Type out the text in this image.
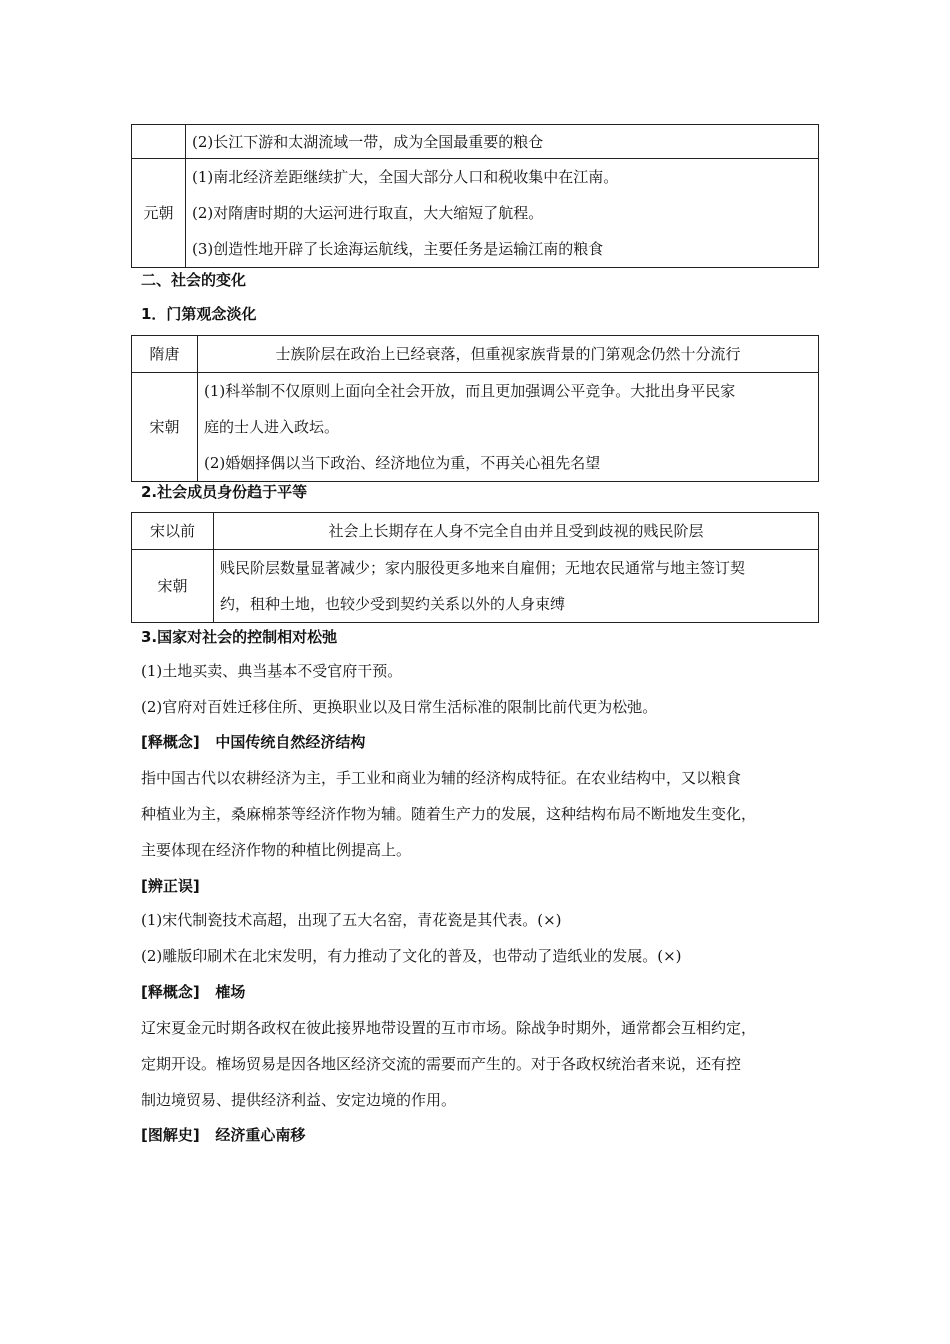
	(2)长江下游和太湖流域一带，成为全国最重要的粮仓

元朝	(1)南北经济差距继续扩大，全国大部分人口和税收集中在江南。
(2)对隋唐时期的大运河进行取直，大大缩短了航程。
(3)创造性地开辟了长途海运航线，主要任务是运输江南的粮食
二、社会的变化
1．门第观念淡化
隋唐	士族阶层在政治上已经衰落，但重视家族背景的门第观念仍然十分流行

宋朝	(1)科举制不仅原则上面向全社会开放，而且更加强调公平竞争。大批出身平民家
庭的士人进入政坛。
(2)婚姻择偶以当下政治、经济地位为重，不再关心祖先名望
2.社会成员身份趋于平等
宋以前	社会上长期存在人身不完全自由并且受到歧视的贱民阶层

宋朝	贱民阶层数量显著减少；家内服役更多地来自雇佣；无地农民通常与地主签订契
约，租种土地，也较少受到契约关系以外的人身束缚
3.国家对社会的控制相对松弛
(1)土地买卖、典当基本不受官府干预。
(2)官府对百姓迁移住所、更换职业以及日常生活标准的限制比前代更为松弛。
[释概念] 中国传统自然经济结构
指中国古代以农耕经济为主，手工业和商业为辅的经济构成特征。在农业结构中，又以粮食
种植业为主，桑麻棉茶等经济作物为辅。随着生产力的发展，这种结构布局不断地发生变化，
主要体现在经济作物的种植比例提高上。
[辨正误]
(1)宋代制瓷技术高超，出现了五大名窑，青花瓷是其代表。(×)
(2)雕版印刷术在北宋发明，有力推动了文化的普及，也带动了造纸业的发展。(×)
[释概念] 榷场
辽宋夏金元时期各政权在彼此接界地带设置的互市市场。除战争时期外，通常都会互相约定，
定期开设。榷场贸易是因各地区经济交流的需要而产生的。对于各政权统治者来说，还有控
制边境贸易、提供经济利益、安定边境的作用。
[图解史] 经济重心南移
